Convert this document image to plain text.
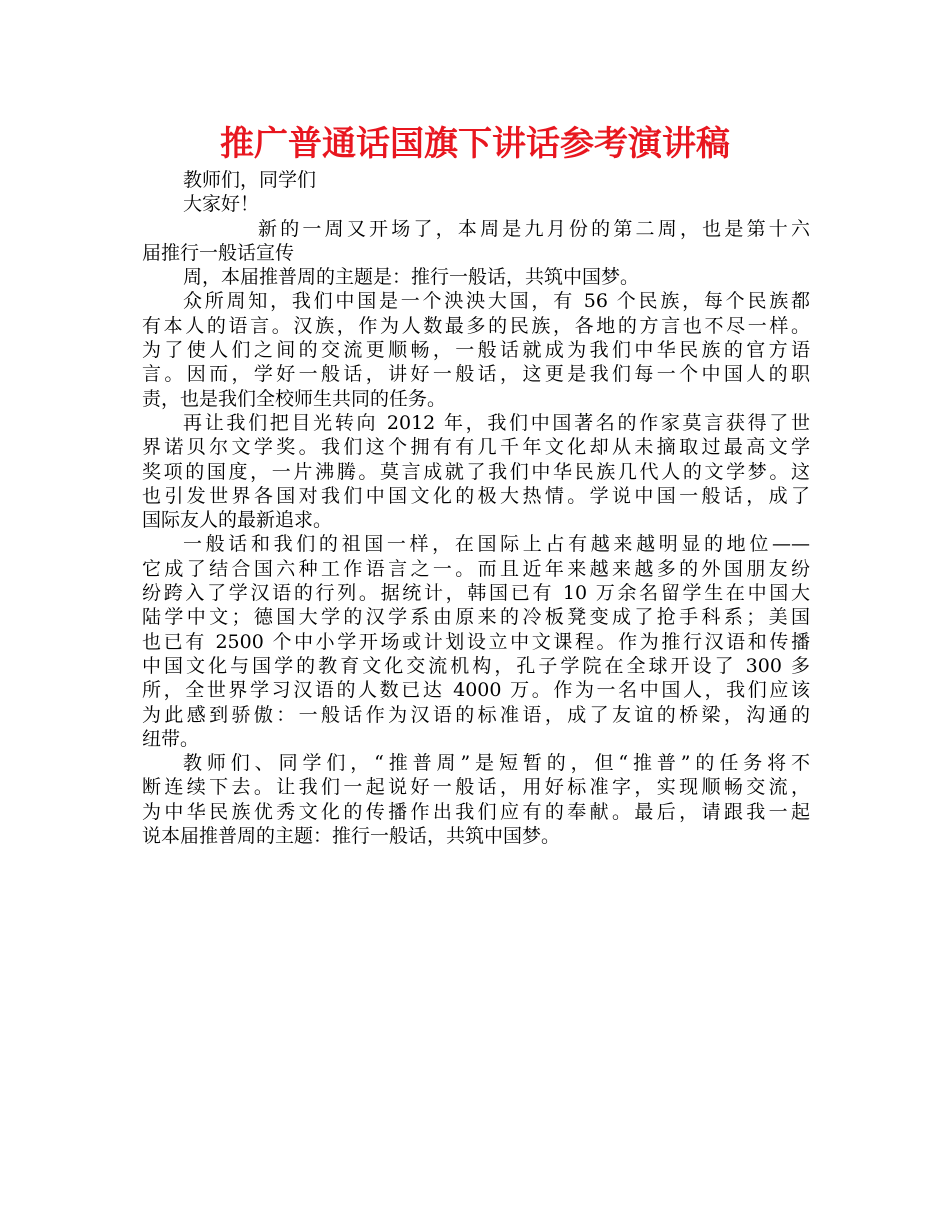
推广普通话国旗下讲话参考演讲稿
教师们，同学们
大家好！
新的一周又开场了，本周是九月份的第二周，也是第十六
届推行一般话宣传
周，本届推普周的主题是：推行一般话，共筑中国梦。
众所周知，我们中国是一个泱泱大国，有 56 个民族，每个民族都
有本人的语言。汉族，作为人数最多的民族，各地的方言也不尽一样。
为了使人们之间的交流更顺畅，一般话就成为我们中华民族的官方语
言。因而，学好一般话，讲好一般话，这更是我们每一个中国人的职
责，也是我们全校师生共同的任务。
再让我们把目光转向 2012 年，我们中国著名的作家莫言获得了世
界诺贝尔文学奖。我们这个拥有有几千年文化却从未摘取过最高文学
奖项的国度，一片沸腾。莫言成就了我们中华民族几代人的文学梦。这
也引发世界各国对我们中国文化的极大热情。学说中国一般话，成了
国际友人的最新追求。
一般话和我们的祖国一样，在国际上占有越来越明显的地位——
它成了结合国六种工作语言之一。而且近年来越来越多的外国朋友纷
纷跨入了学汉语的行列。据统计，韩国已有 10 万余名留学生在中国大
陆学中文；德国大学的汉学系由原来的冷板凳变成了抢手科系；美国
也已有 2500 个中小学开场或计划设立中文课程。作为推行汉语和传播
中国文化与国学的教育文化交流机构，孔子学院在全球开设了 300 多
所，全世界学习汉语的人数已达 4000 万。作为一名中国人，我们应该
为此感到骄傲：一般话作为汉语的标准语，成了友谊的桥梁，沟通的
纽带。
教师们、同学们，“推普周”是短暂的，但“推普”的任务将不
断连续下去。让我们一起说好一般话，用好标准字，实现顺畅交流，
为中华民族优秀文化的传播作出我们应有的奉献。最后，请跟我一起
说本届推普周的主题：推行一般话，共筑中国梦。
